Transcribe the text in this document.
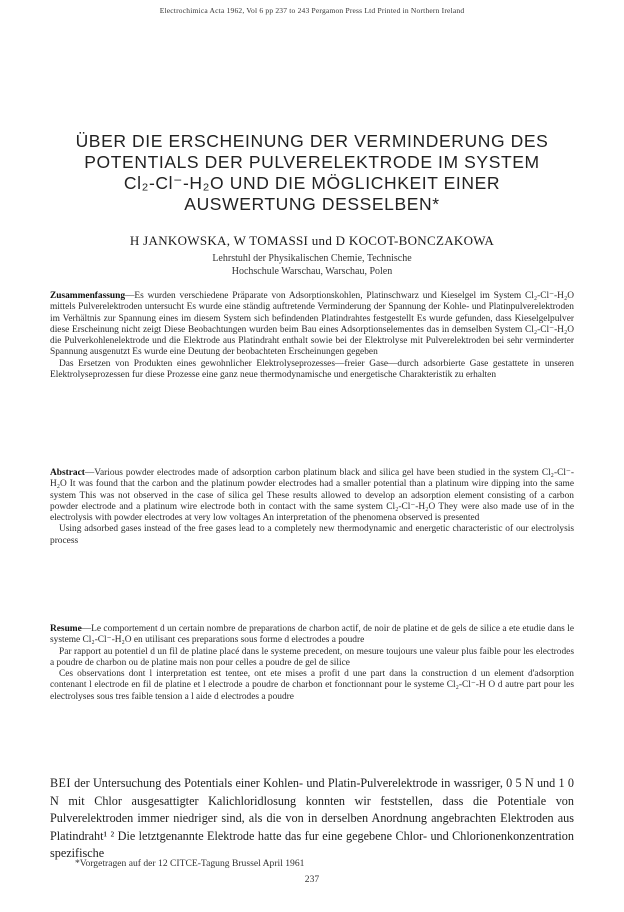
Electrochimica Acta 1962, Vol 6 pp 237 to 243 Pergamon Press Ltd Printed in Northern Ireland
ÜBER DIE ERSCHEINUNG DER VERMINDERUNG DES
POTENTIALS DER PULVERELEKTRODE IM SYSTEM
Cl₂-Cl⁻-H₂O UND DIE MÖGLICHKEIT EINER
AUSWERTUNG DESSELBEN*
H JANKOWSKA, W TOMASSI und D KOCOT-BONCZAKOWA
Lehrstuhl der Physikalischen Chemie, Technische
Hochschule Warschau, Warschau, Polen

Zusammenfassung—Es wurden verschiedene Präparate von Adsorptionskohlen, Platinschwarz und Kieselgel im System Cl₂-Cl⁻-H₂O mittels Pulverelektroden untersucht Es wurde eine ständig auftretende Verminderung der Spannung der Kohle- und Platinpulverelektroden im Verhältnis zur Spannung eines im diesem System sich befindenden Platindrahtes festgestellt Es wurde gefunden, dass Kieselgelpulver diese Erscheinung nicht zeigt Diese Beobachtungen wurden beim Bau eines Adsorptionselementes das in demselben System Cl₂-Cl⁻-H₂O die Pulverkohlenelektrode und die Elektrode aus Platindraht enthalt sowie bei der Elektrolyse mit Pulverelektroden bei sehr verminderter Spannung ausgenutzt Es wurde eine Deutung der beobachteten Erscheinungen gegeben

Das Ersetzen von Produkten eines gewohnlicher Elektrolyseprozesses—freier Gase—durch adsorbierte Gase gestattete in unseren Elektrolyseprozessen fur diese Prozesse eine ganz neue thermodynamische und energetische Charakteristik zu erhalten

Abstract—Various powder electrodes made of adsorption carbon platinum black and silica gel have been studied in the system Cl₂-Cl⁻-H₂O It was found that the carbon and the platinum powder electrodes had a smaller potential than a platinum wire dipping into the same system This was not observed in the case of silica gel These results allowed to develop an adsorption element consisting of a carbon powder electrode and a platinum wire electrode both in contact with the same system Cl₂-Cl⁻-H₂O They were also made use of in the electrolysis with powder electrodes at very low voltages An interpretation of the phenomena observed is presented

Using adsorbed gases instead of the free gases lead to a completely new thermodynamic and energetic characteristic of our electrolysis process

Resume—Le comportement d un certain nombre de preparations de charbon actif, de noir de platine et de gels de silice a ete etudie dans le systeme Cl₂-Cl⁻-H₂O en utilisant ces preparations sous forme d electrodes a poudre

Par rapport au potentiel d un fil de platine placé dans le systeme precedent, on mesure toujours une valeur plus faible pour les electrodes a poudre de charbon ou de platine mais non pour celles a poudre de gel de silice

Ces observations dont l interpretation est tentee, ont ete mises a profit d une part dans la construction d un element d'adsorption contenant l electrode en fil de platine et l electrode a poudre de charbon et fonctionnant pour le systeme Cl₂-Cl⁻-H O d autre part pour les electrolyses sous tres faible tension a l aide d electrodes a poudre

BEI der Untersuchung des Potentials einer Kohlen- und Platin-Pulverelektrode in wassriger, 0 5 N und 1 0 N mit Chlor ausgesattigter Kalichloridlosung konnten wir feststellen, dass die Potentiale von Pulverelektroden immer niedriger sind, als die von in derselben Anordnung angebrachten Elektroden aus Platindraht¹ ² Die letztgenannte Elektrode hatte das fur eine gegebene Chlor- und Chlorionenkonzentration spezifische

*Vorgetragen auf der 12 CITCE-Tagung Brussel April 1961
237
